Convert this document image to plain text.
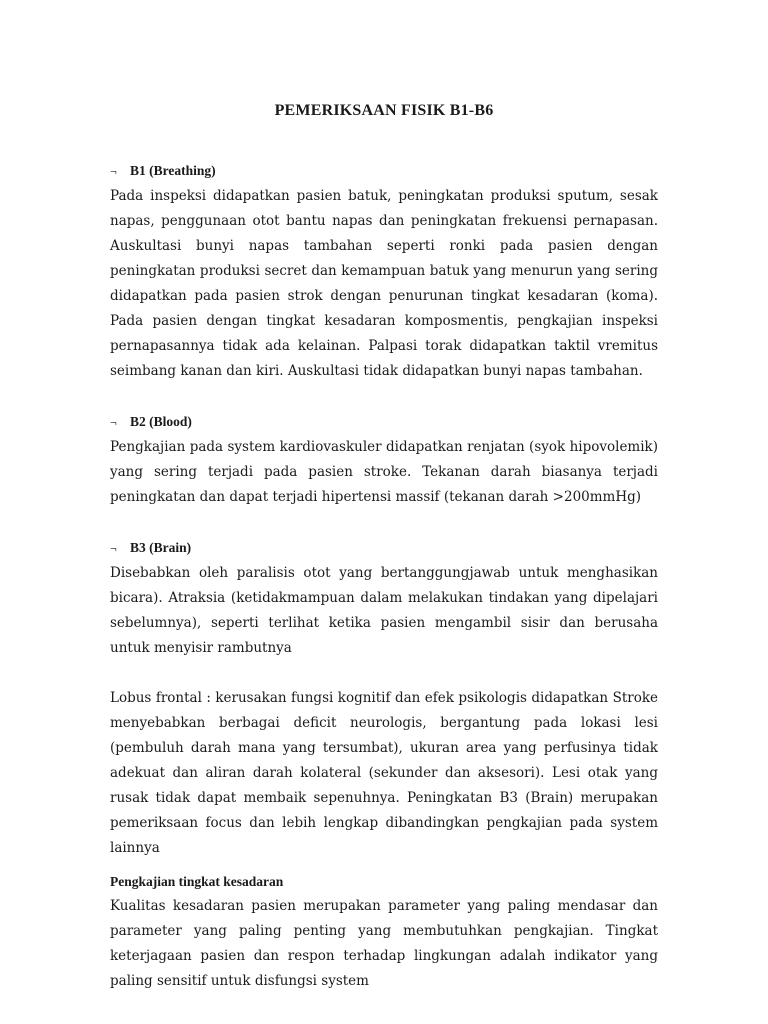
PEMERIKSAAN FISIK B1-B6

¬ B1 (Breathing)

Pada inspeksi didapatkan pasien batuk, peningkatan produksi sputum, sesak napas, penggunaan otot bantu napas dan peningkatan frekuensi pernapasan. Auskultasi bunyi napas tambahan seperti ronki pada pasien dengan peningkatan produksi secret dan kemampuan batuk yang menurun yang sering didapatkan pada pasien strok dengan penurunan tingkat kesadaran (koma). Pada pasien dengan tingkat kesadaran komposmentis, pengkajian inspeksi pernapasannya tidak ada kelainan. Palpasi torak didapatkan taktil vremitus seimbang kanan dan kiri. Auskultasi tidak didapatkan bunyi napas tambahan.

¬ B2 (Blood)

Pengkajian pada system kardiovaskuler didapatkan renjatan (syok hipovolemik) yang sering terjadi pada pasien stroke. Tekanan darah biasanya terjadi peningkatan dan dapat terjadi hipertensi massif (tekanan darah >200mmHg)

¬ B3 (Brain)

Disebabkan oleh paralisis otot yang bertanggungjawab untuk menghasikan bicara). Atraksia (ketidakmampuan dalam melakukan tindakan yang dipelajari sebelumnya), seperti terlihat ketika pasien mengambil sisir dan berusaha untuk menyisir rambutnya

Lobus frontal : kerusakan fungsi kognitif dan efek psikologis didapatkan Stroke menyebabkan berbagai deficit neurologis, bergantung pada lokasi lesi (pembuluh darah mana yang tersumbat), ukuran area yang perfusinya tidak adekuat dan aliran darah kolateral (sekunder dan aksesori). Lesi otak yang rusak tidak dapat membaik sepenuhnya. Peningkatan B3 (Brain) merupakan pemeriksaan focus dan lebih lengkap dibandingkan pengkajian pada system lainnya

Pengkajian tingkat kesadaran

Kualitas kesadaran pasien merupakan parameter yang paling mendasar dan parameter yang paling penting yang membutuhkan pengkajian. Tingkat keterjagaan pasien dan respon terhadap lingkungan adalah indikator yang paling sensitif untuk disfungsi system
